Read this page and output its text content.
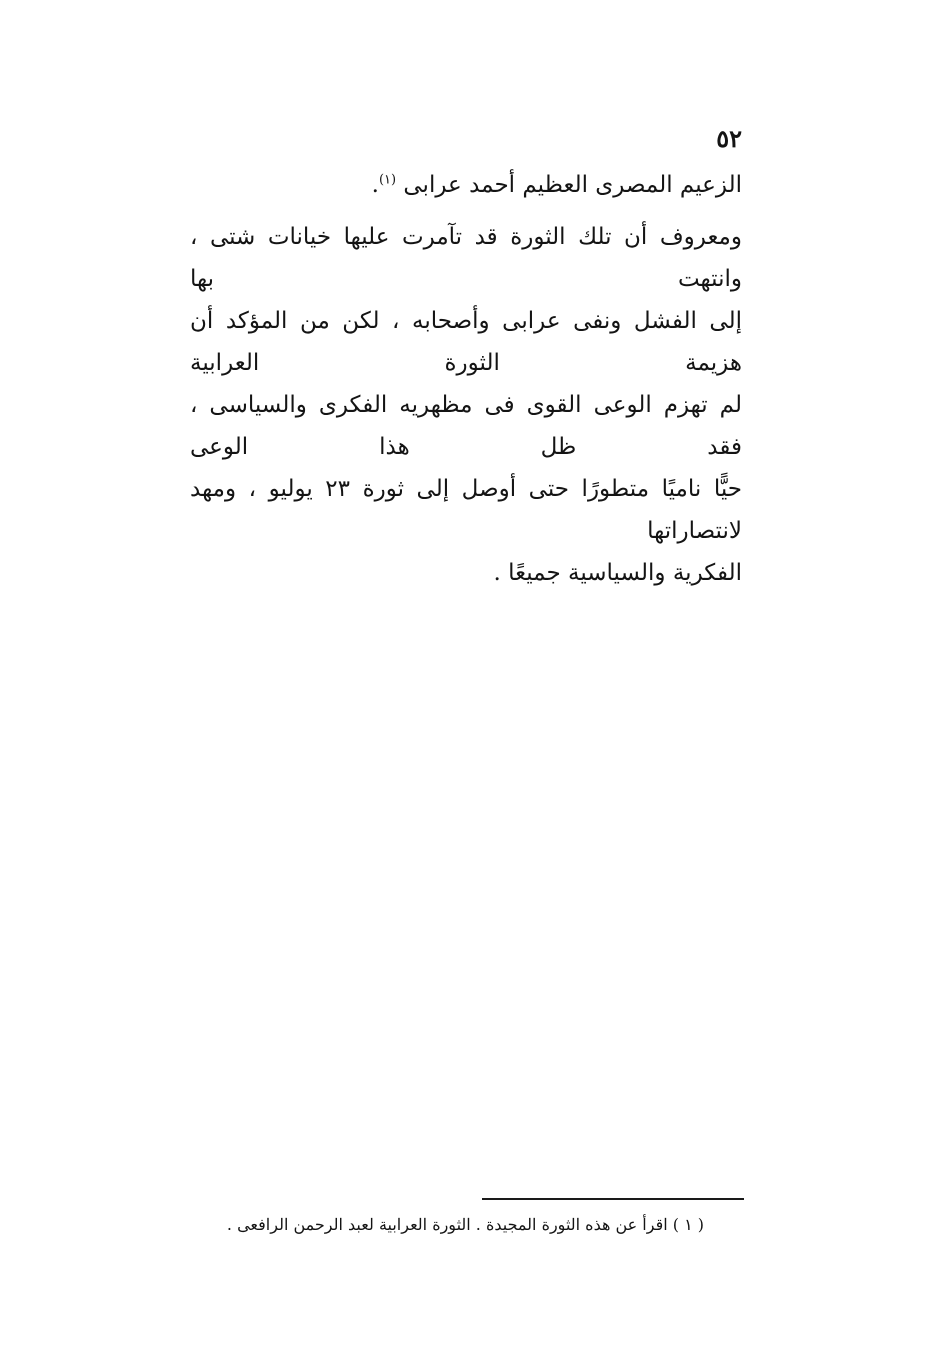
٥٢
الزعيم المصرى العظيم أحمد عرابى $^{(١)}$.
ومعروف أن تلك الثورة قد تآمرت عليها خيانات شتى ، وانتهت بها
إلى الفشل ونفى عرابى وأصحابه ، لكن من المؤكد أن هزيمة الثورة العرابية
لم تهزم الوعى القوى فى مظهريه الفكرى والسياسى ، فقد ظل هذا الوعى
حيًّا ناميًا متطورًا حتى أوصل إلى ثورة ٢٣ يوليو ، ومهد لانتصاراتها
الفكرية والسياسية جميعًا .

( ١ ) اقرأ عن هذه الثورة المجيدة . الثورة العرابية لعبد الرحمن الرافعى .
